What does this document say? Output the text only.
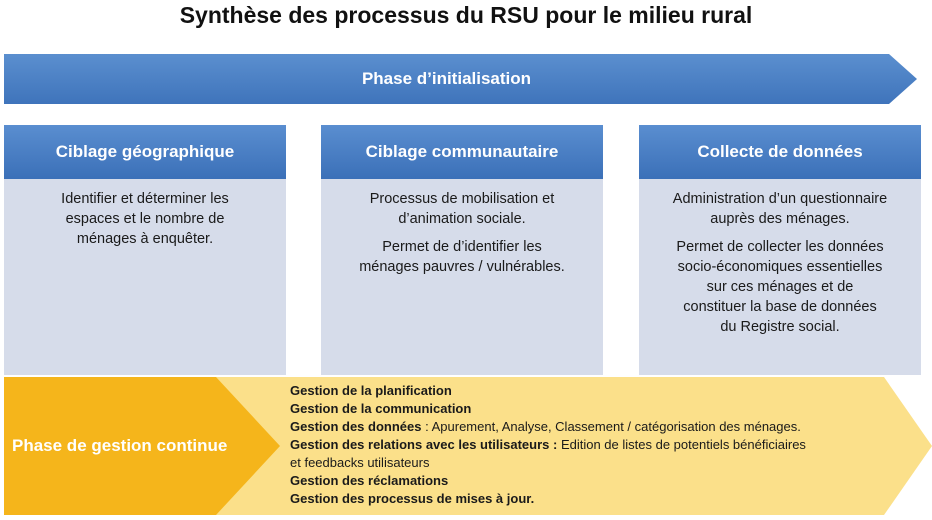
Synthèse des processus du RSU pour le milieu rural
Phase d’initialisation
Ciblage géographique

Identifier et déterminer les
espaces et le nombre de
ménages à enquêter.

Ciblage communautaire

Processus de mobilisation et
d’animation sociale.

Permet de d’identifier les
ménages pauvres / vulnérables.

Collecte de données

Administration d’un questionnaire
auprès des ménages.

Permet de collecter les données
socio-économiques essentielles
sur ces ménages et de
constituer la base de données
du Registre social.

Phase de gestion continue
Gestion de la planification
Gestion de la communication
Gestion des données : Apurement, Analyse, Classement / catégorisation des ménages.
Gestion des relations avec les utilisateurs : Edition de listes de potentiels bénéficiaires
et feedbacks utilisateurs
Gestion des réclamations
Gestion des processus de mises à jour.
